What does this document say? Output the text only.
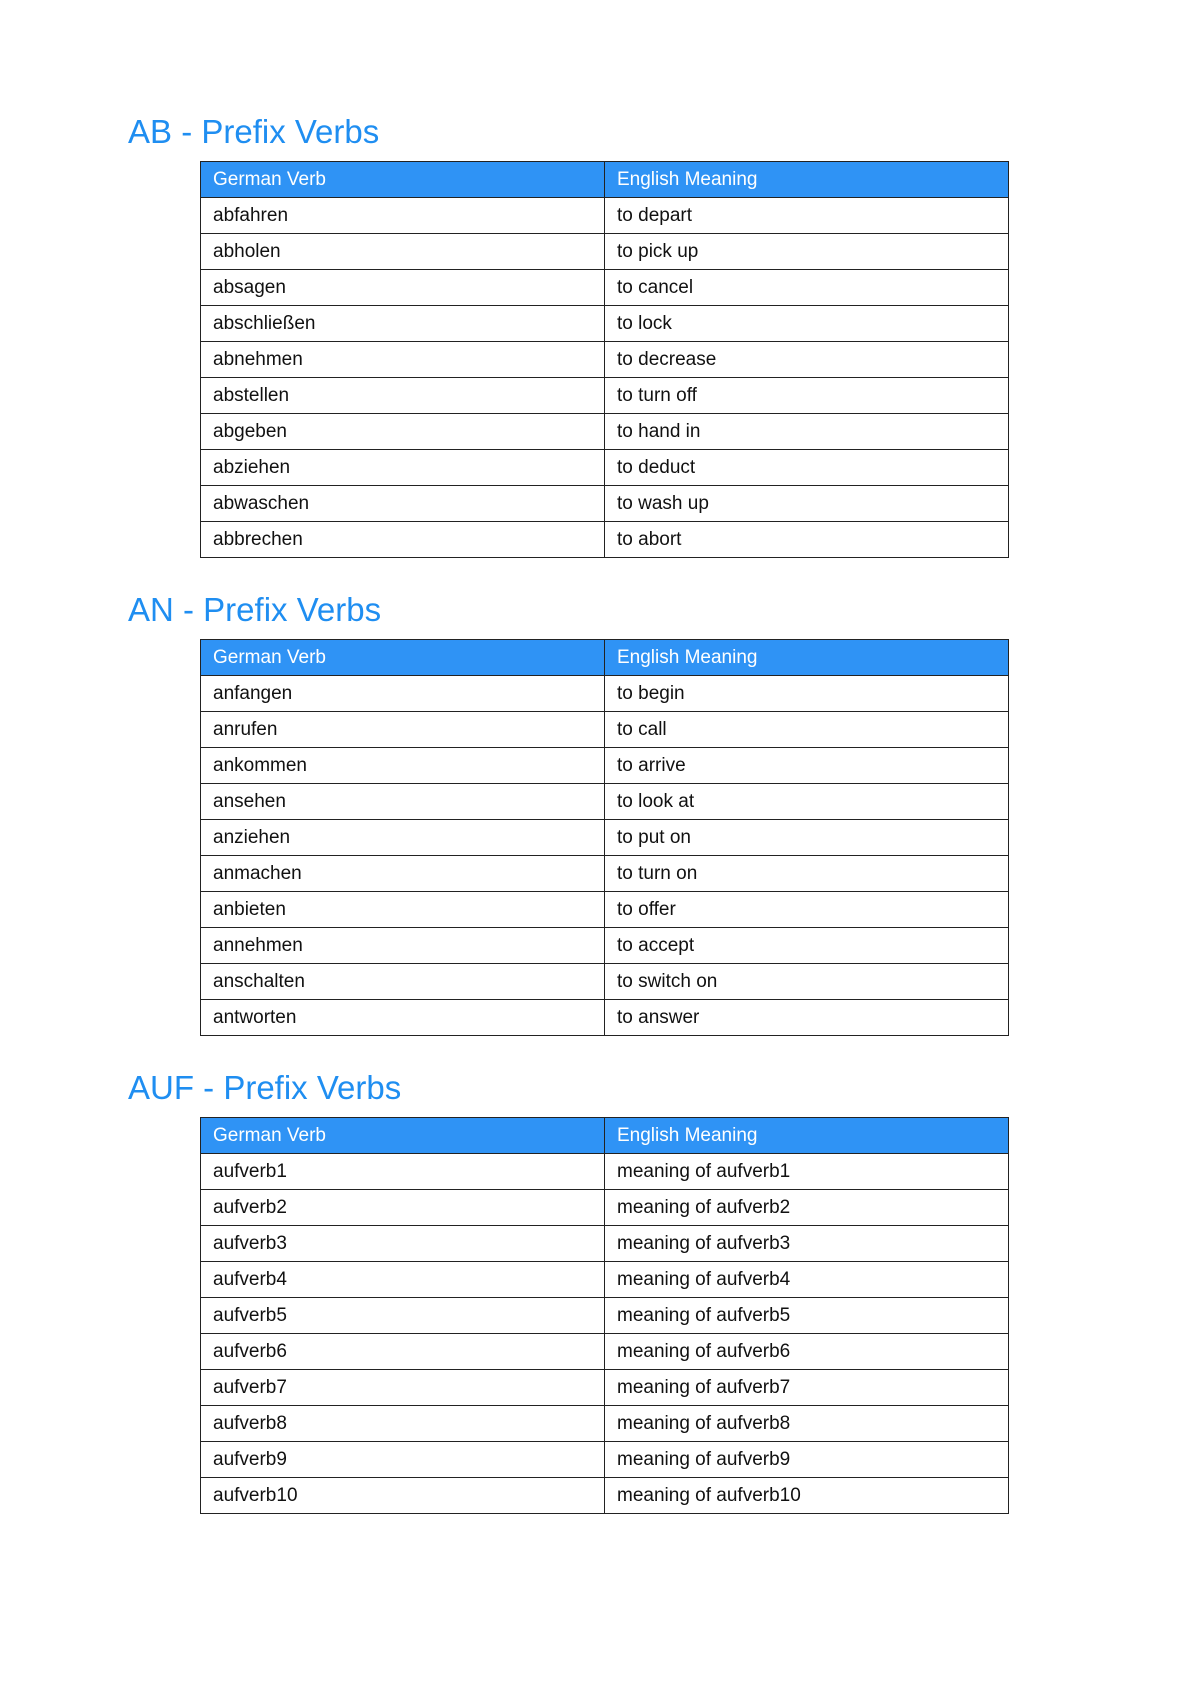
AB - Prefix Verbs
German Verb	English Meaning
abfahren	to depart
abholen	to pick up
absagen	to cancel
abschließen	to lock
abnehmen	to decrease
abstellen	to turn off
abgeben	to hand in
abziehen	to deduct
abwaschen	to wash up
abbrechen	to abort
AN - Prefix Verbs
German Verb	English Meaning
anfangen	to begin
anrufen	to call
ankommen	to arrive
ansehen	to look at
anziehen	to put on
anmachen	to turn on
anbieten	to offer
annehmen	to accept
anschalten	to switch on
antworten	to answer
AUF - Prefix Verbs
German Verb	English Meaning
aufverb1	meaning of aufverb1
aufverb2	meaning of aufverb2
aufverb3	meaning of aufverb3
aufverb4	meaning of aufverb4
aufverb5	meaning of aufverb5
aufverb6	meaning of aufverb6
aufverb7	meaning of aufverb7
aufverb8	meaning of aufverb8
aufverb9	meaning of aufverb9
aufverb10	meaning of aufverb10
